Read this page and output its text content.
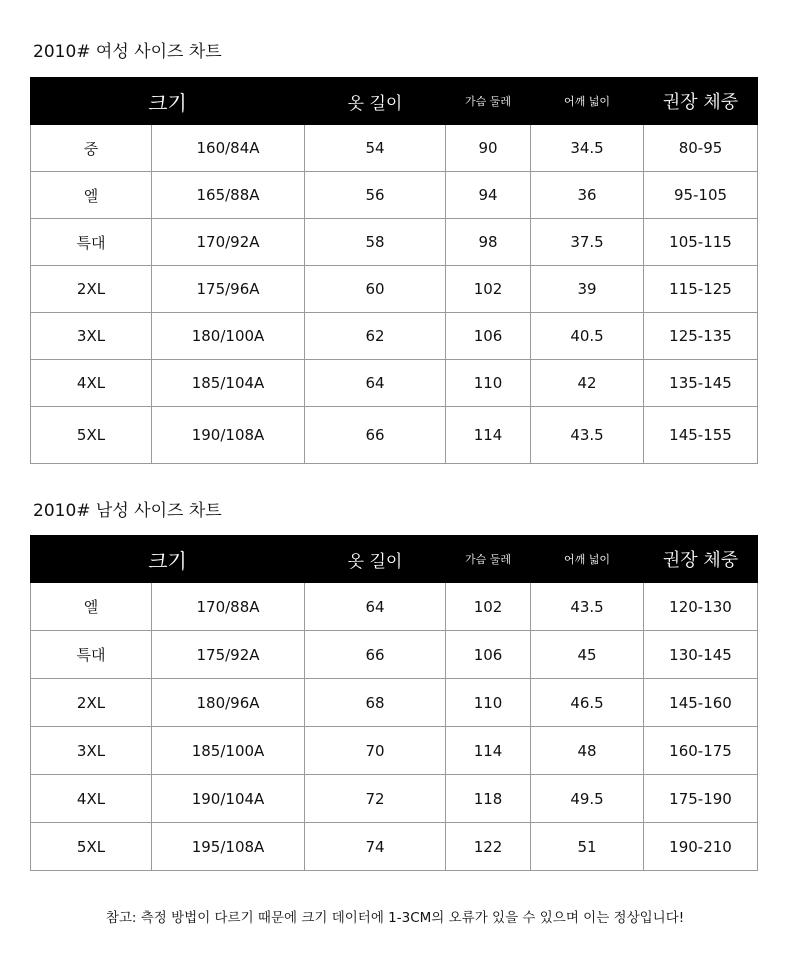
2010# 여성 사이즈 차트
크기		옷 길이	가슴 둘레	어깨 넓이	권장 체중
중	160/84A	54	90	34.5	80-95
엘	165/88A	56	94	36	95-105
특대	170/92A	58	98	37.5	105-115
2XL	175/96A	60	102	39	115-125
3XL	180/100A	62	106	40.5	125-135
4XL	185/104A	64	110	42	135-145
5XL	190/108A	66	114	43.5	145-155
2010# 남성 사이즈 차트
크기		옷 길이	가슴 둘레	어깨 넓이	권장 체중
엘	170/88A	64	102	43.5	120-130
특대	175/92A	66	106	45	130-145
2XL	180/96A	68	110	46.5	145-160
3XL	185/100A	70	114	48	160-175
4XL	190/104A	72	118	49.5	175-190
5XL	195/108A	74	122	51	190-210
참고: 측정 방법이 다르기 때문에 크기 데이터에 1-3CM의 오류가 있을 수 있으며 이는 정상입니다!
